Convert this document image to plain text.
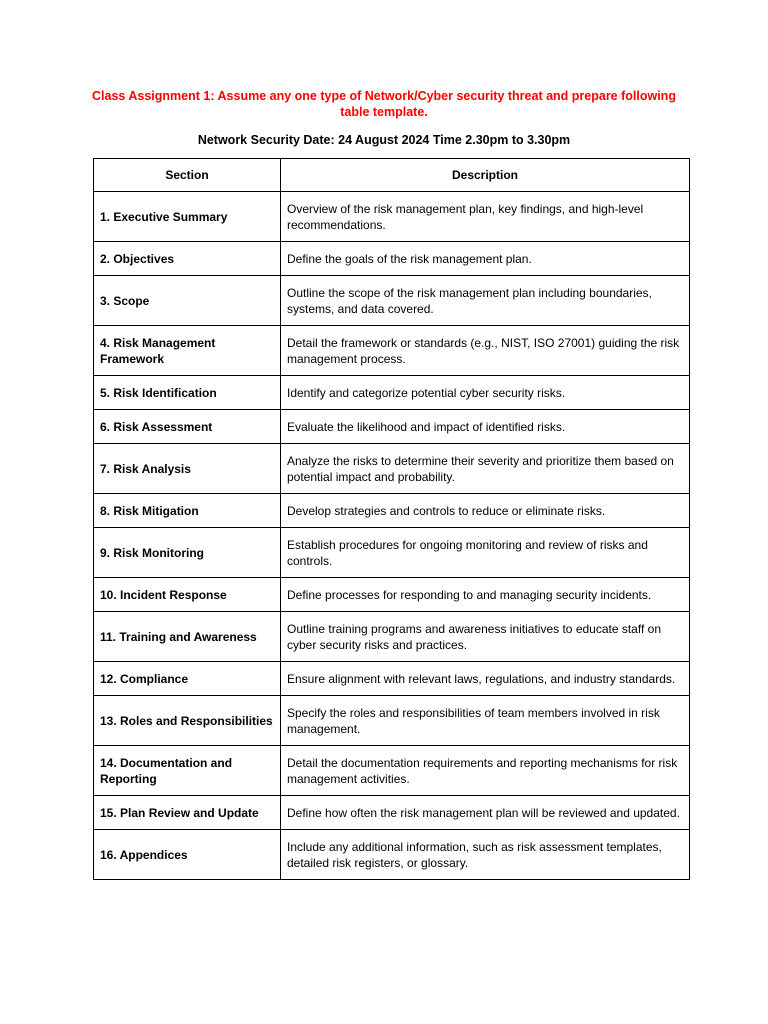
Class Assignment 1: Assume any one type of Network/Cyber security threat and prepare following table template.
Network Security Date: 24 August 2024 Time 2.30pm to 3.30pm
Section	Description
1. Executive Summary	Overview of the risk management plan, key findings, and high-level recommendations.
2. Objectives	Define the goals of the risk management plan.
3. Scope	Outline the scope of the risk management plan including boundaries, systems, and data covered.
4. Risk Management Framework	Detail the framework or standards (e.g., NIST, ISO 27001) guiding the risk management process.
5. Risk Identification	Identify and categorize potential cyber security risks.
6. Risk Assessment	Evaluate the likelihood and impact of identified risks.
7. Risk Analysis	Analyze the risks to determine their severity and prioritize them based on potential impact and probability.
8. Risk Mitigation	Develop strategies and controls to reduce or eliminate risks.
9. Risk Monitoring	Establish procedures for ongoing monitoring and review of risks and controls.
10. Incident Response	Define processes for responding to and managing security incidents.
11. Training and Awareness	Outline training programs and awareness initiatives to educate staff on cyber security risks and practices.
12. Compliance	Ensure alignment with relevant laws, regulations, and industry standards.
13. Roles and Responsibilities	Specify the roles and responsibilities of team members involved in risk management.
14. Documentation and Reporting	Detail the documentation requirements and reporting mechanisms for risk management activities.
15. Plan Review and Update	Define how often the risk management plan will be reviewed and updated.
16. Appendices	Include any additional information, such as risk assessment templates, detailed risk registers, or glossary.
